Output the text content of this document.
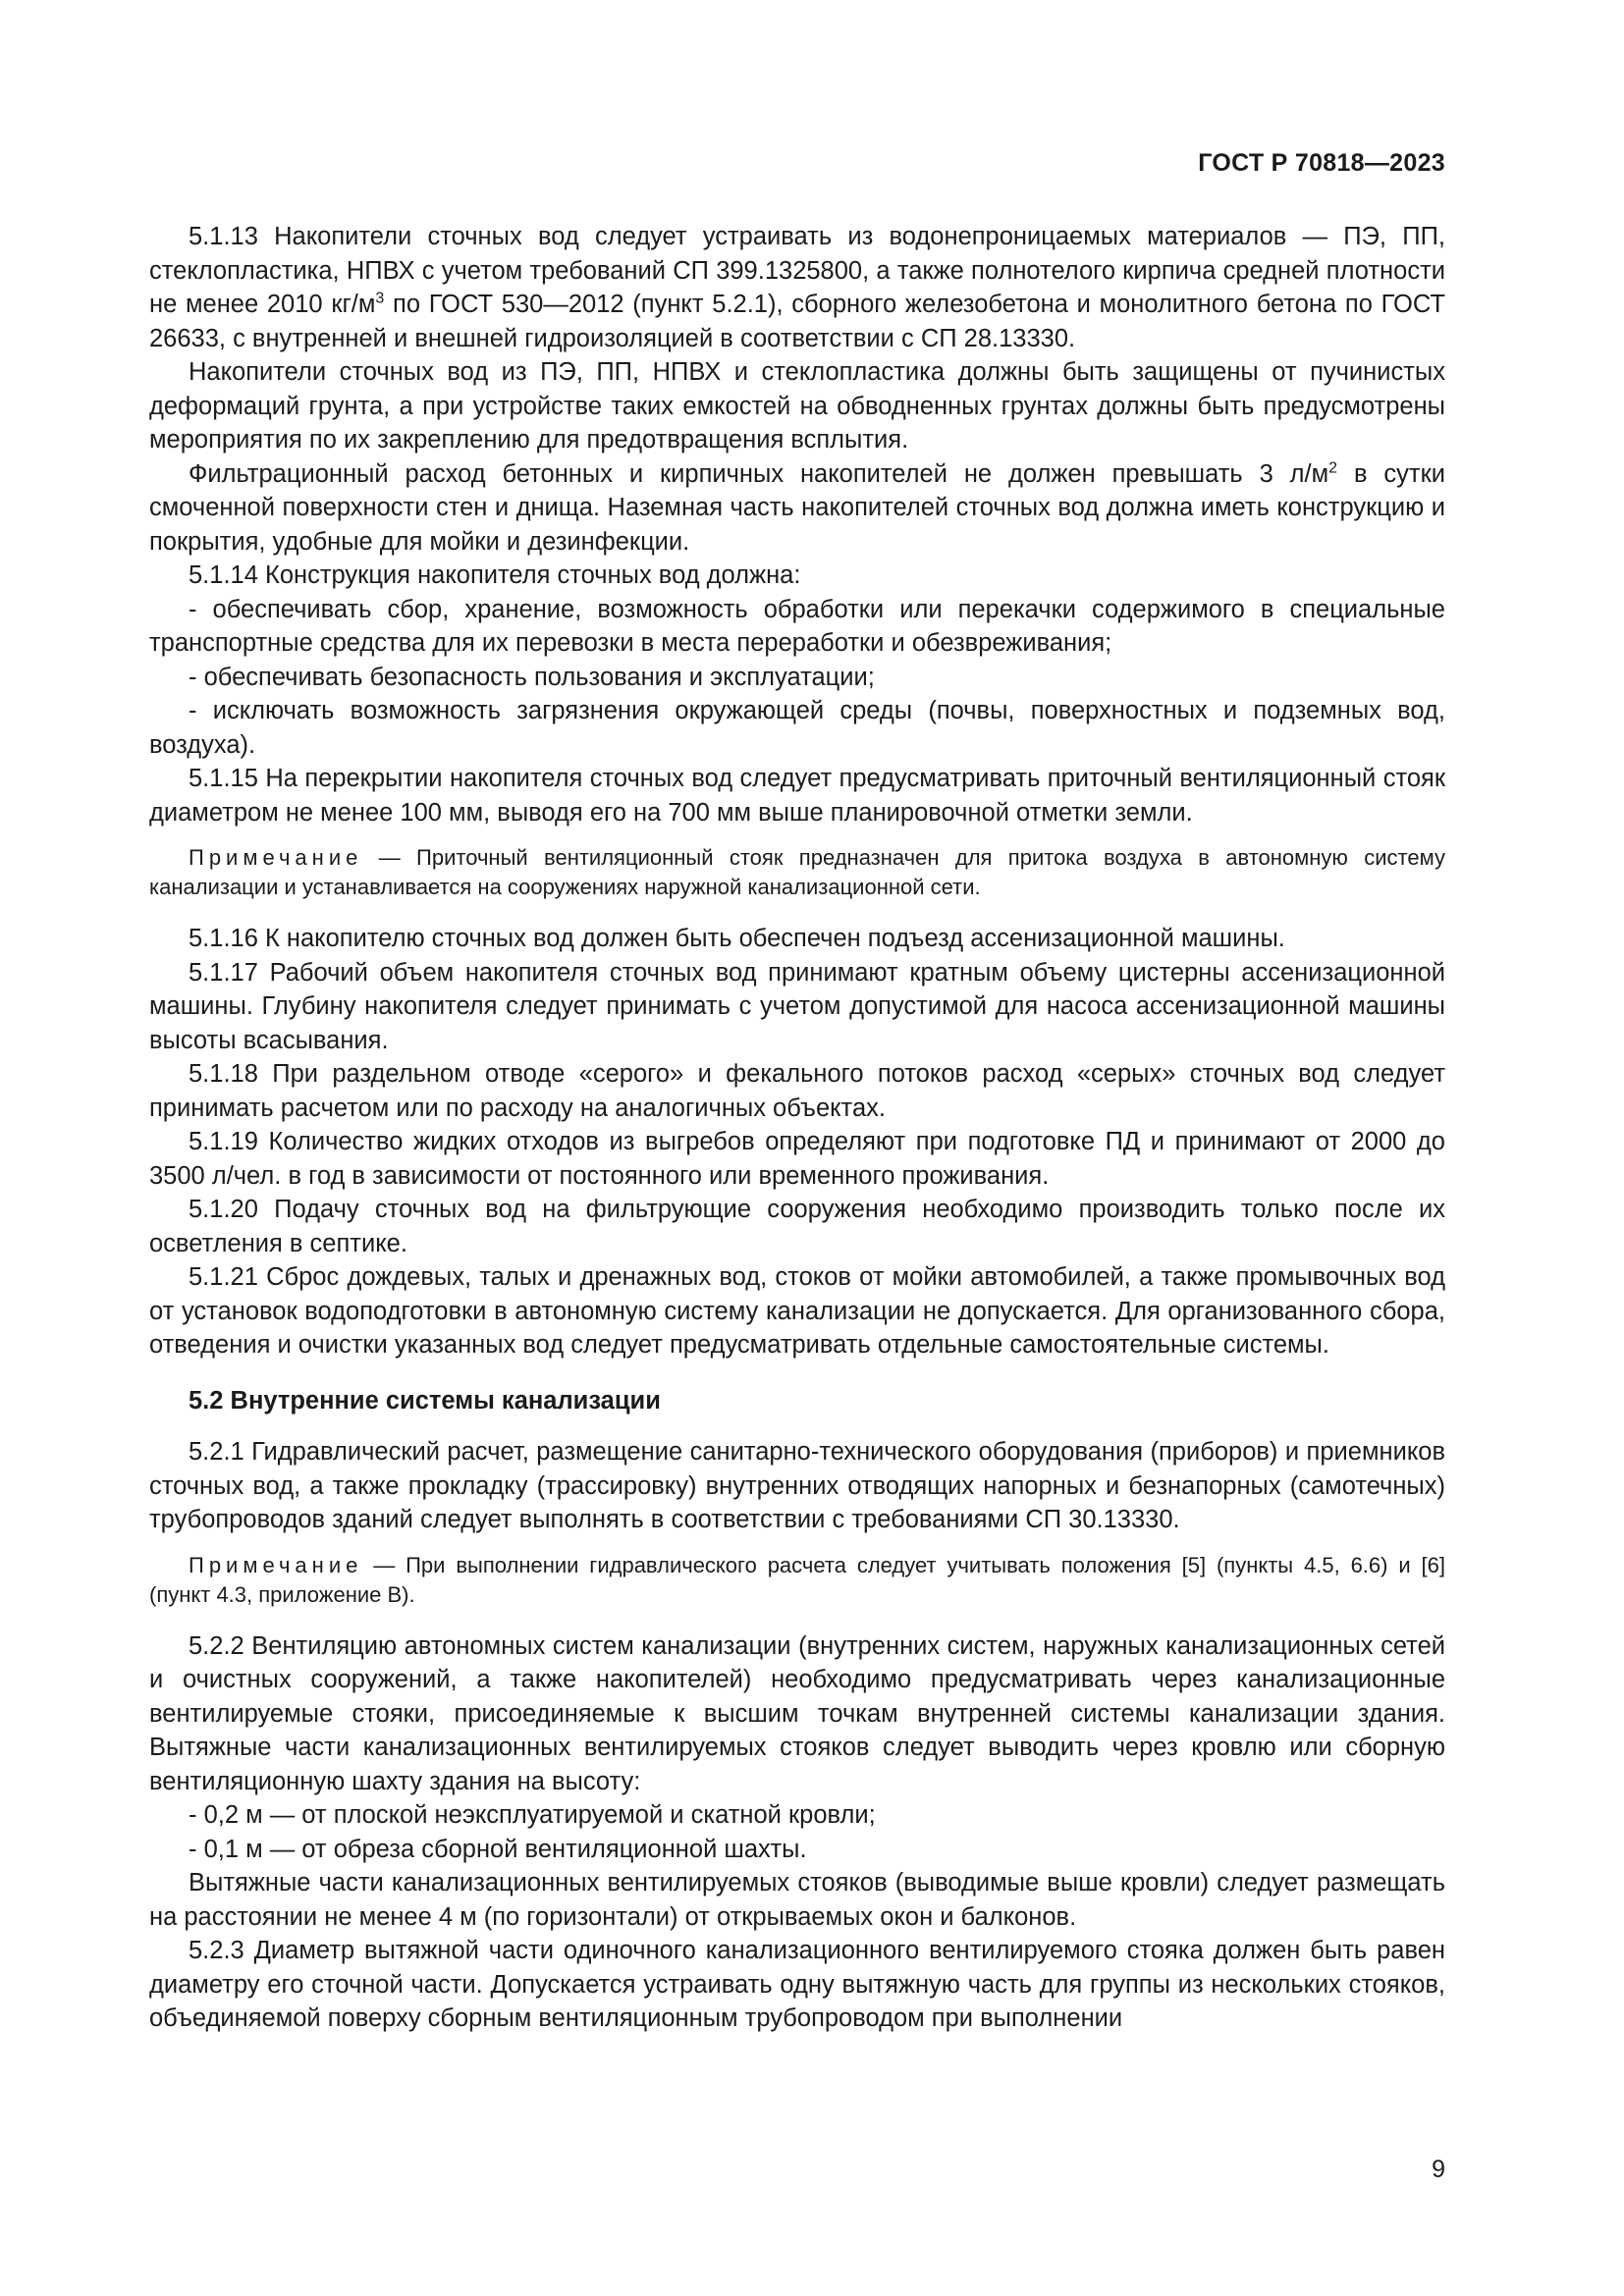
ГОСТ Р 70818—2023

5.1.13 Накопители сточных вод следует устраивать из водонепроницаемых материалов — ПЭ, ПП, стеклопластика, НПВХ с учетом требований СП 399.1325800, а также полнотелого кирпича средней плотности не менее 2010 $кг/м^3$ по ГОСТ 530—2012 (пункт 5.2.1), сборного железобетона и монолитного бетона по ГОСТ 26633, с внутренней и внешней гидроизоляцией в соответствии с СП 28.13330.

Накопители сточных вод из ПЭ, ПП, НПВХ и стеклопластика должны быть защищены от пучинистых деформаций грунта, а при устройстве таких емкостей на обводненных грунтах должны быть предусмотрены мероприятия по их закреплению для предотвращения всплытия.

Фильтрационный расход бетонных и кирпичных накопителей не должен превышать 3 $л/м^2$ в сутки смоченной поверхности стен и днища. Наземная часть накопителей сточных вод должна иметь конструкцию и покрытия, удобные для мойки и дезинфекции.

5.1.14 Конструкция накопителя сточных вод должна:

- обеспечивать сбор, хранение, возможность обработки или перекачки содержимого в специальные транспортные средства для их перевозки в места переработки и обезвреживания;

- обеспечивать безопасность пользования и эксплуатации;

- исключать возможность загрязнения окружающей среды (почвы, поверхностных и подземных вод, воздуха).

5.1.15 На перекрытии накопителя сточных вод следует предусматривать приточный вентиляционный стояк диаметром не менее 100 мм, выводя его на 700 мм выше планировочной отметки земли.

Примечание — Приточный вентиляционный стояк предназначен для притока воздуха в автономную систему канализации и устанавливается на сооружениях наружной канализационной сети.

5.1.16 К накопителю сточных вод должен быть обеспечен подъезд ассенизационной машины.

5.1.17 Рабочий объем накопителя сточных вод принимают кратным объему цистерны ассенизационной машины. Глубину накопителя следует принимать с учетом допустимой для насоса ассенизационной машины высоты всасывания.

5.1.18 При раздельном отводе «серого» и фекального потоков расход «серых» сточных вод следует принимать расчетом или по расходу на аналогичных объектах.

5.1.19 Количество жидких отходов из выгребов определяют при подготовке ПД и принимают от 2000 до 3500 л/чел. в год в зависимости от постоянного или временного проживания.

5.1.20 Подачу сточных вод на фильтрующие сооружения необходимо производить только после их осветления в септике.

5.1.21 Сброс дождевых, талых и дренажных вод, стоков от мойки автомобилей, а также промывочных вод от установок водоподготовки в автономную систему канализации не допускается. Для организованного сбора, отведения и очистки указанных вод следует предусматривать отдельные самостоятельные системы.

5.2 Внутренние системы канализации

5.2.1 Гидравлический расчет, размещение санитарно-технического оборудования (приборов) и приемников сточных вод, а также прокладку (трассировку) внутренних отводящих напорных и безнапорных (самотечных) трубопроводов зданий следует выполнять в соответствии с требованиями СП 30.13330.

Примечание — При выполнении гидравлического расчета следует учитывать положения [5] (пункты 4.5, 6.6) и [6] (пункт 4.3, приложение В).

5.2.2 Вентиляцию автономных систем канализации (внутренних систем, наружных канализационных сетей и очистных сооружений, а также накопителей) необходимо предусматривать через канализационные вентилируемые стояки, присоединяемые к высшим точкам внутренней системы канализации здания. Вытяжные части канализационных вентилируемых стояков следует выводить через кровлю или сборную вентиляционную шахту здания на высоту:

- 0,2 м — от плоской неэксплуатируемой и скатной кровли;

- 0,1 м — от обреза сборной вентиляционной шахты.

Вытяжные части канализационных вентилируемых стояков (выводимые выше кровли) следует размещать на расстоянии не менее 4 м (по горизонтали) от открываемых окон и балконов.

5.2.3 Диаметр вытяжной части одиночного канализационного вентилируемого стояка должен быть равен диаметру его сточной части. Допускается устраивать одну вытяжную часть для группы из нескольких стояков, объединяемой поверху сборным вентиляционным трубопроводом при выполнении

9
